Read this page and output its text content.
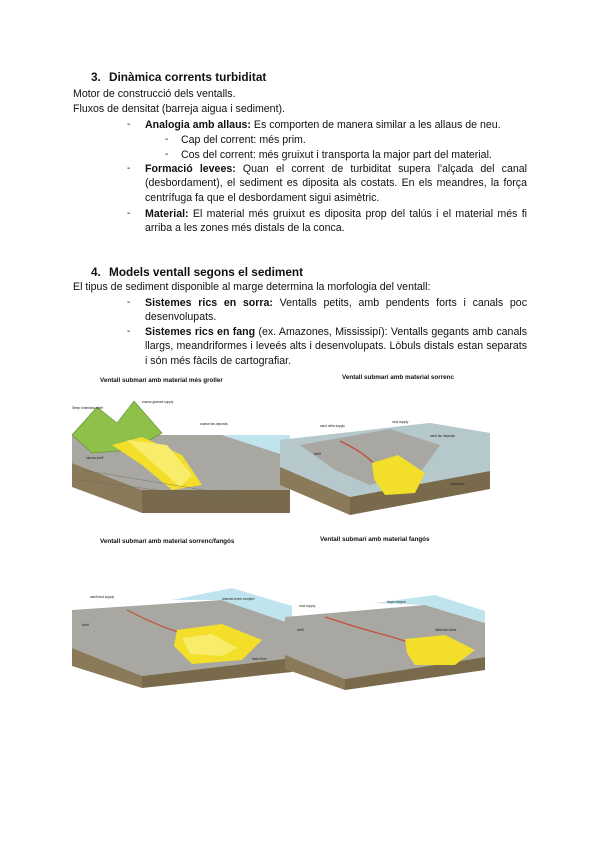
3. Dinàmica corrents turbiditat
Motor de construcció dels ventalls.
Fluxos de densitat (barreja aigua i sediment).
- Analogia amb allaus: Es comporten de manera similar a les allaus de neu.
- Cap del corrent: més prim.
- Cos del corrent: més gruixut i transporta la major part del material.
- Formació levees: Quan el corrent de turbiditat supera l'alçada del canal (desbordament), el sediment es diposita als costats. En els meandres, la força centrífuga fa que el desbordament sigui asimètric.
- Material: El material més gruixut es diposita prop del talús i el material més fi arriba a les zones més distals de la conca.
4. Models ventall segons el sediment
El tipus de sediment disponible al marge determina la morfologia del ventall:
- Sistemes rics en sorra: Ventalls petits, amb pendents forts i canals poc desenvolupats.
- Sistemes rics en fang (ex. Amazones, Mississipí): Ventalls gegants amb canals llargs, meandriformes i leveés alts i desenvolupats. Lòbuls distals estan separats i són més fàcils de cartografiar.
Ventall submarí amb material més groller	Ventall submarí amb material sorrenc
Ventall submarí amb material sorrenc/fangós	Ventall submarí amb material fangós
Steep hinterland relief
coarse-grained supply
coarse fan-deposits
narrow shelf
sand delta supply
mud supply
sand fan deposits
shelf
basin floor
sand/mud supply	channel-levee complex
shelf
basin floor
mud supply
slope canyon
distal fan lobes
shelf
